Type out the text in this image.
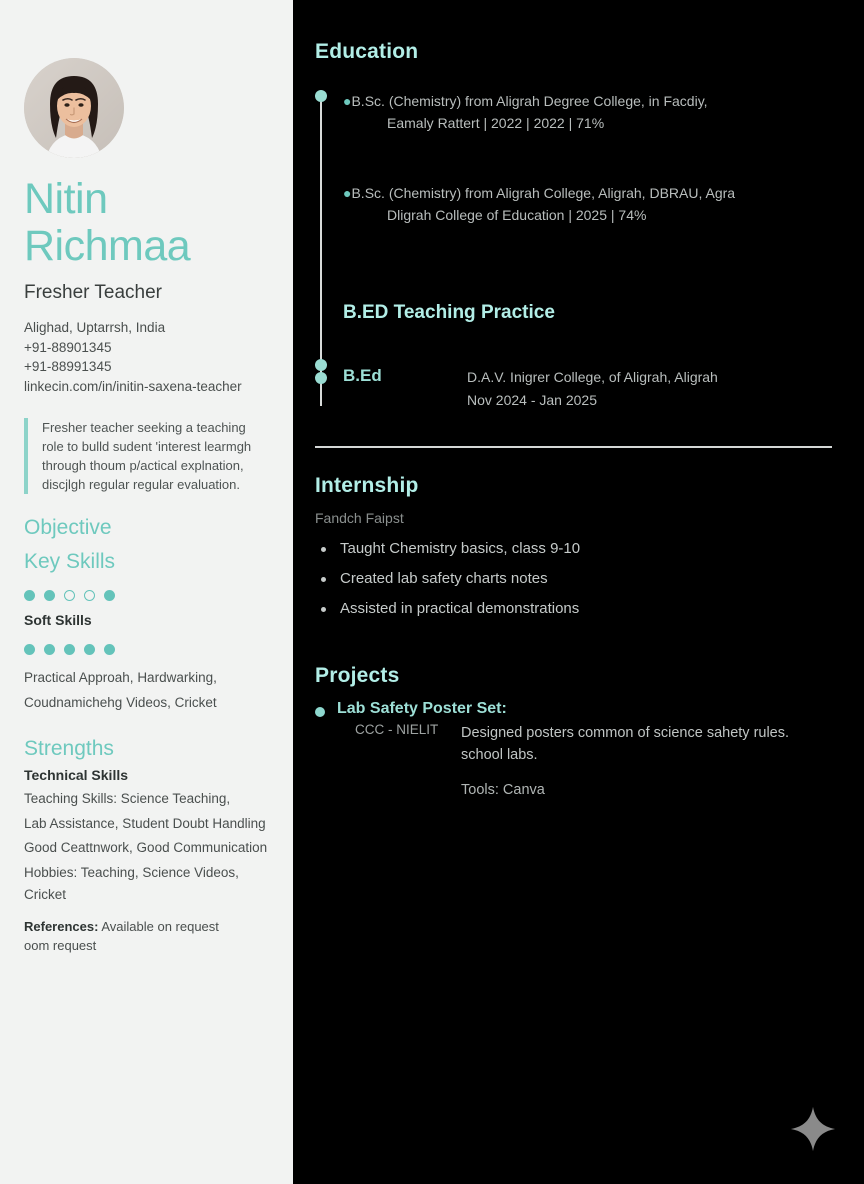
Nitin Richmaa
Fresher Teacher
Alighad, Uptarrsh, India
+91-88901345
+91-88991345
linkecin.com/in/initin-saxena-teacher
Fresher teacher seeking a teaching role to bulld sudent 'interest learmgh through thoum p/actical explnation, discjlgh regular regular evaluation.
Objective
Key Skills
Soft Skills
Practical Approah, Hardwarking, Coudnamichehg Videos, Cricket
Strengths
Technical Skills
Teaching Skills: Science Teaching,
Lab Assistance, Student Doubt Handling
Good Ceattnwork, Good Communication
Hobbies: Teaching, Science Videos,
Cricket
References: Available on request
oom request
Education
●B.Sc. (Chemistry) from Aligrah Degree College, in Facdiy,
Eamaly Rattert | 2022 | 2022 | 71%
●B.Sc. (Chemistry) from Aligrah College, Aligrah, DBRAU, Agra
Dligrah College of Education | 2025 | 74%
B.ED Teaching Practice
B.Ed	D.A.V. Inigrer College, of Aligrah, Aligrah
Nov 2024 - Jan 2025
Internship
Fandch Faipst
Taught Chemistry basics, class 9-10
Created lab safety charts notes
Assisted in practical demonstrations
Projects
Lab Safety Poster Set:
CCC - NIELIT	Designed posters common of science sahety rules.
school labs.
Tools: Canva
